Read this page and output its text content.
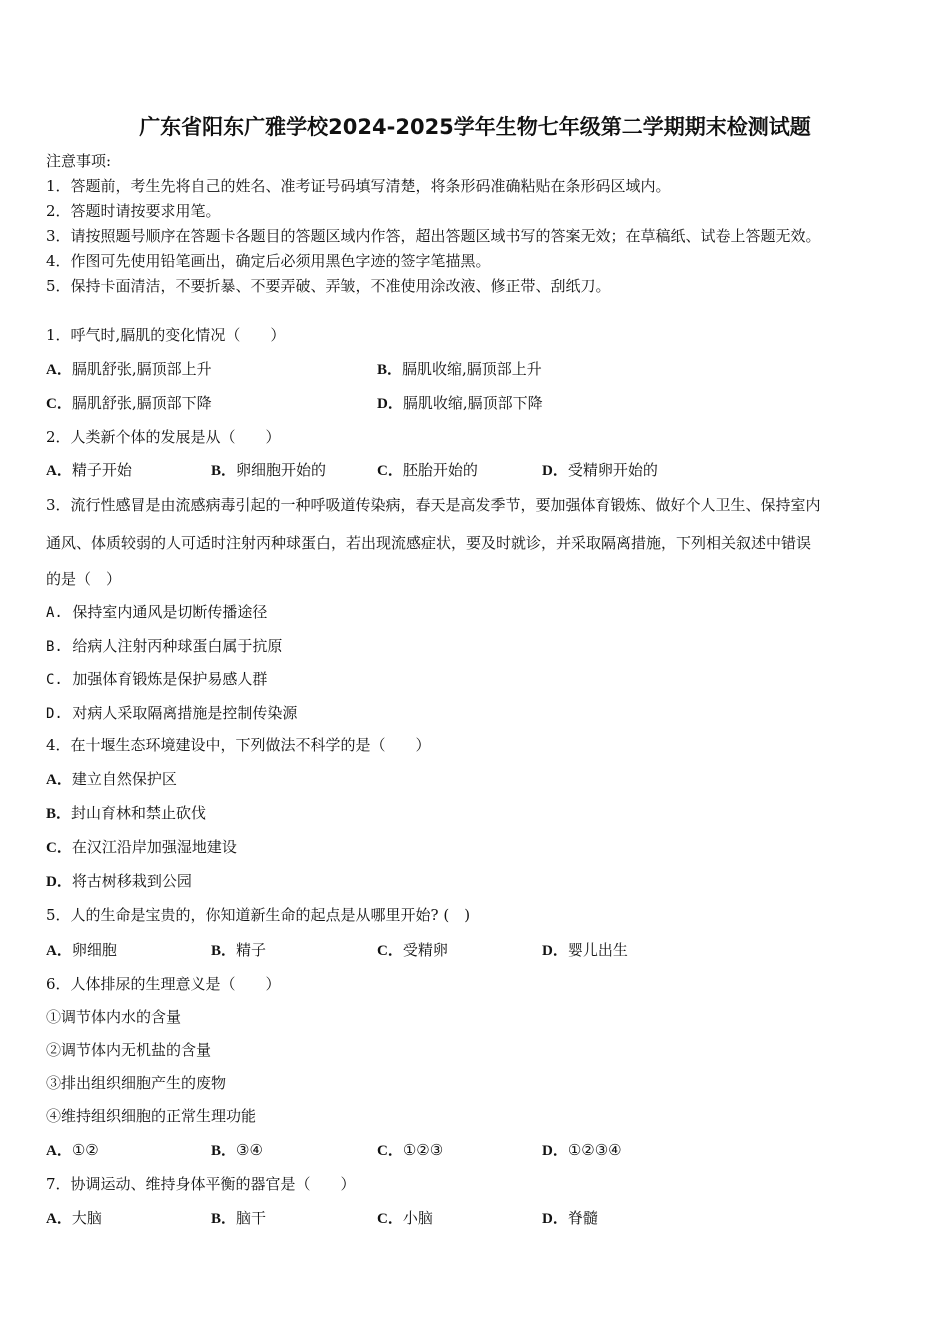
广东省阳东广雅学校2024-2025学年生物七年级第二学期期末检测试题
注意事项:
1．答题前，考生先将自己的姓名、准考证号码填写清楚，将条形码准确粘贴在条形码区域内。
2．答题时请按要求用笔。
3．请按照题号顺序在答题卡各题目的答题区域内作答，超出答题区域书写的答案无效；在草稿纸、试卷上答题无效。
4．作图可先使用铅笔画出，确定后必须用黑色字迹的签字笔描黑。
5．保持卡面清洁，不要折暴、不要弄破、弄皱，不准使用涂改液、修正带、刮纸刀。
1．呼气时,膈肌的变化情况（　　）
A．膈肌舒张,膈顶部上升	B．膈肌收缩,膈顶部上升
C．膈肌舒张,膈顶部下降	D．膈肌收缩,膈顶部下降
2．人类新个体的发展是从（　　）
A．精子开始	B．卵细胞开始的	C．胚胎开始的	D．受精卵开始的
3．流行性感冒是由流感病毒引起的一种呼吸道传染病，春天是高发季节，要加强体育锻炼、做好个人卫生、保持室内
通风、体质较弱的人可适时注射丙种球蛋白，若出现流感症状，要及时就诊，并采取隔离措施，下列相关叙述中错误
的是（　）
A. 保持室内通风是切断传播途径
B. 给病人注射丙种球蛋白属于抗原
C. 加强体育锻炼是保护易感人群
D. 对病人采取隔离措施是控制传染源
4．在十堰生态环境建设中，下列做法不科学的是（　　）
A．建立自然保护区
B．封山育林和禁止砍伐
C．在汉江沿岸加强湿地建设
D．将古树移栽到公园
5．人的生命是宝贵的，你知道新生命的起点是从哪里开始? (　)
A．卵细胞	B．精子	C．受精卵	D．婴儿出生
6．人体排尿的生理意义是（　　）
①调节体内水的含量
②调节体内无机盐的含量
③排出组织细胞产生的废物
④维持组织细胞的正常生理功能
A．①②	B．③④	C．①②③	D．①②③④
7．协调运动、维持身体平衡的器官是（　　）
A．大脑	B．脑干	C．小脑	D．脊髓
